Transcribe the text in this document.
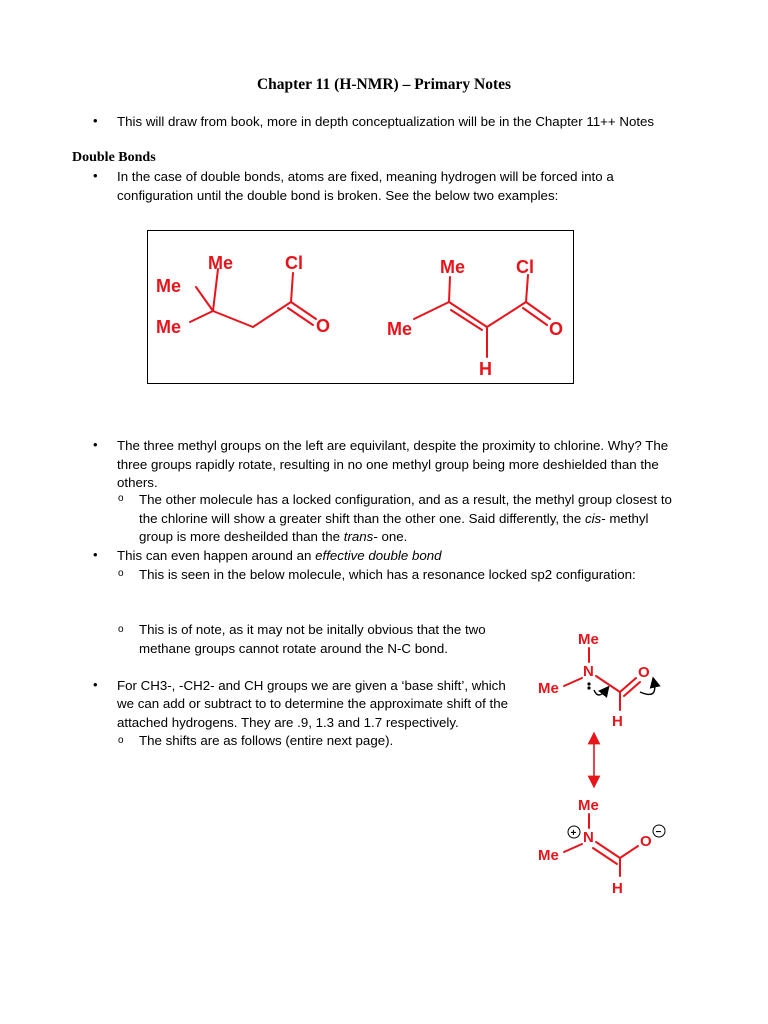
Chapter 11 (H-NMR) – Primary Notes
• This will draw from book, more in depth conceptualization will be in the Chapter 11++ Notes
Double Bonds
• In the case of double bonds, atoms are fixed, meaning hydrogen will be forced into a
configuration until the double bond is broken. See the below two examples:
Me
Me
Me
Cl
O
Me
Me
Cl
O
H
• The three methyl groups on the left are equivilant, despite the proximity to chlorine. Why? The
three groups rapidly rotate, resulting in no one methyl group being more deshielded than the
others.
o The other molecule has a locked configuration, and as a result, the methyl group closest to
the chlorine will show a greater shift than the other one. Said differently, the cis- methyl
group is more desheilded than the trans- one.
• This can even happen around an effective double bond
o This is seen in the below molecule, which has a resonance locked sp2 configuration:
o This is of note, as it may not be initally obvious that the two
methane groups cannot rotate around the N-C bond.
• For CH3-, -CH2- and CH groups we are given a ‘base shift’, which
we can add or subtract to to determine the approximate shift of the
attached hydrogens. They are .9, 1.3 and 1.7 respectively.
o The shifts are as follows (entire next page).
Me
N
Me
O
H
Me
+ N
Me
O
−
H
